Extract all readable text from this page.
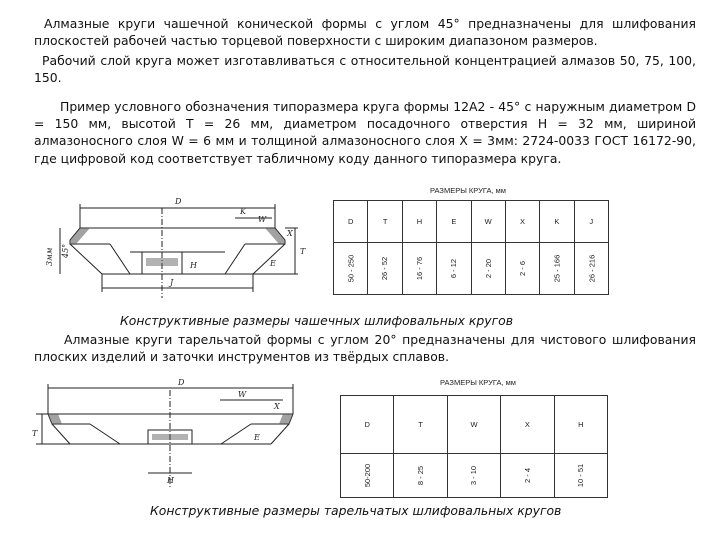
Алмазные круги чашечной конической формы с углом 45° предназначены для шлифования плоскостей рабочей частью торцевой поверхности с широким диапазоном размеров.
Рабочий слой круга может изготавливаться с относительной концентрацией алмазов 50, 75, 100, 150.
Пример условного обозначения типоразмера круга формы 12А2 - 45° с наружным диаметром D = 150 мм, высотой T = 26 мм, диаметром посадочного отверстия H = 32 мм, шириной алмазоносного слоя W = 6 мм и толщиной алмазоносного слоя X = 3мм: 2724-0033 ГОСТ 16172-90, где цифровой код соответствует табличному коду данного типоразмера круга.
D
K
W
X
T
E
H
J
45°
3мм
РАЗМЕРЫ КРУГА, мм
D	T	H	E	W	X	K	J
50 - 250	26 - 52	16 - 76	6 - 12	2 - 20	2 - 6	25 - 166	26 - 216
Конструктивные размеры чашечных шлифовальных кругов
Алмазные круги тарельчатой формы с углом 20° предназначены для чистового шлифования плоских изделий и заточки инструментов из твёрдых сплавов.
D
W
X
E
H
T
РАЗМЕРЫ КРУГА, мм
D	T	W	X	H
50-200	8 - 25	3 - 10	2 - 4	10 - 51
Конструктивные размеры тарельчатых шлифовальных кругов
